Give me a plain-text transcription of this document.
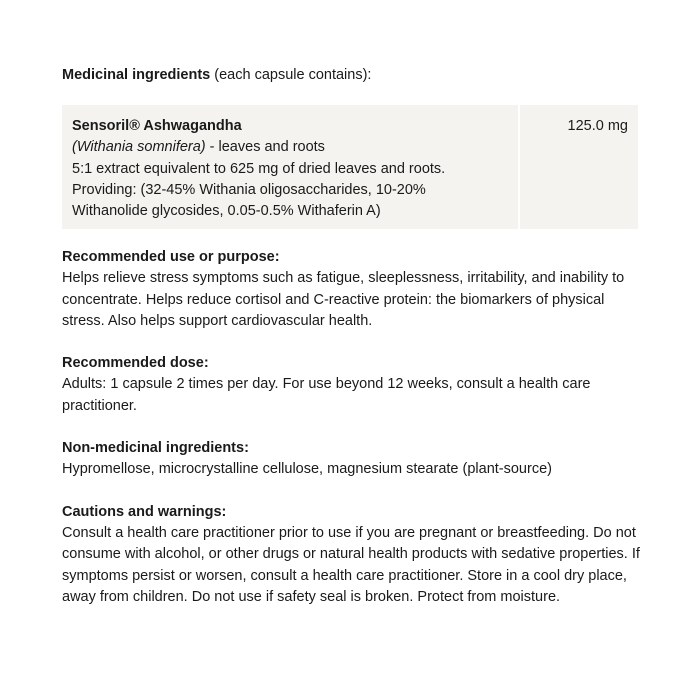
Medicinal ingredients (each capsule contains):

Sensoril® Ashwagandha
(Withania somnifera) - leaves and roots
5:1 extract equivalent to 625 mg of dried leaves and roots.
Providing: (32-45% Withania oligosaccharides, 10-20%
Withanolide glycosides, 0.05-0.5% Withaferin A)
125.0 mg
Recommended use or purpose:
Helps relieve stress symptoms such as fatigue, sleeplessness, irritability, and inability to concentrate. Helps reduce cortisol and C-reactive protein: the biomarkers of physical stress. Also helps support cardiovascular health.
Recommended dose:
Adults: 1 capsule 2 times per day. For use beyond 12 weeks, consult a health care practitioner.
Non-medicinal ingredients:
Hypromellose, microcrystalline cellulose, magnesium stearate (plant-source)
Cautions and warnings:
Consult a health care practitioner prior to use if you are pregnant or breastfeeding. Do not consume with alcohol, or other drugs or natural health products with sedative properties. If symptoms persist or worsen, consult a health care practitioner. Store in a cool dry place, away from children. Do not use if safety seal is broken. Protect from moisture.
